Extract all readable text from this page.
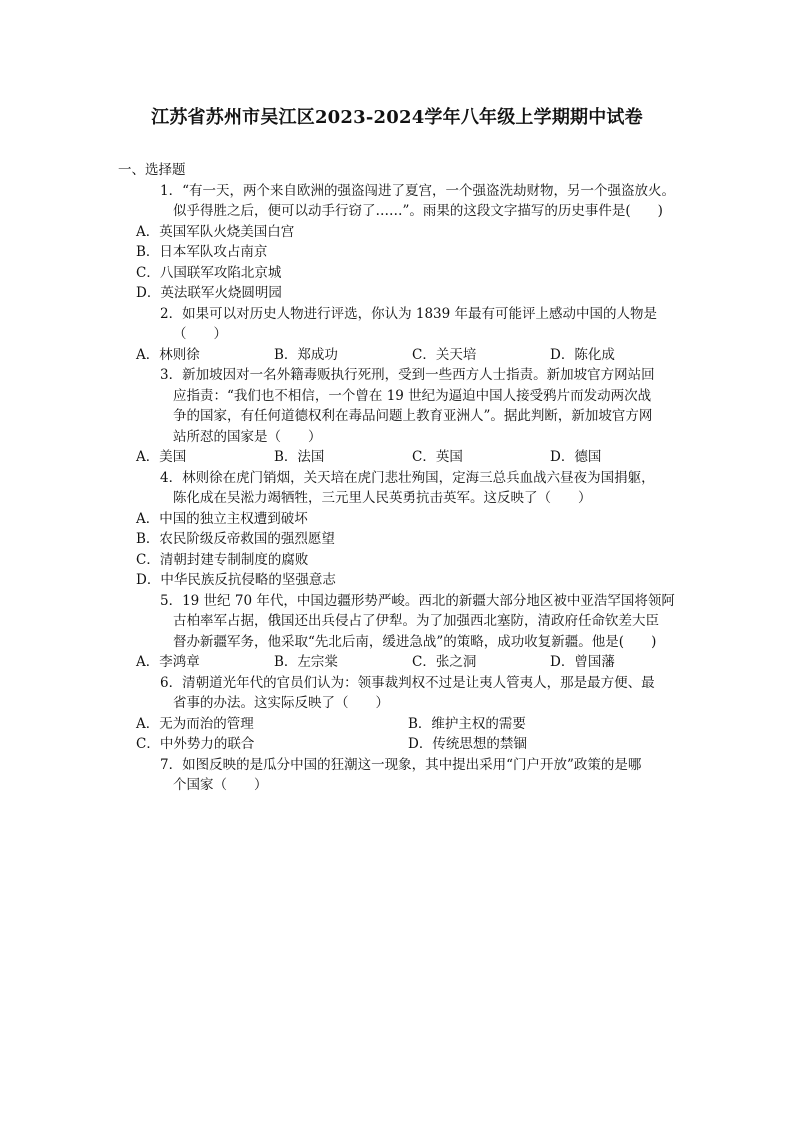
江苏省苏州市吴江区2023-2024学年八年级上学期期中试卷
一、选择题
1．“有一天，两个来自欧洲的强盗闯进了夏宫，一个强盗洗劫财物，另一个强盗放火。
似乎得胜之后，便可以动手行窃了……”。雨果的这段文字描写的历史事件是(　　)
A．英国军队火烧美国白宫
B．日本军队攻占南京
C．八国联军攻陷北京城
D．英法联军火烧圆明园
2．如果可以对历史人物进行评选，你认为 1839 年最有可能评上感动中国的人物是
（　　）
A．林则徐	B．郑成功	C．关天培	D．陈化成
3．新加坡因对一名外籍毒贩执行死刑，受到一些西方人士指责。新加坡官方网站回
应指责：“我们也不相信，一个曾在 19 世纪为逼迫中国人接受鸦片而发动两次战
争的国家，有任何道德权利在毒品问题上教育亚洲人”。据此判断，新加坡官方网
站所怼的国家是（　　）
A．美国	B．法国	C．英国	D．德国
4．林则徐在虎门销烟，关天培在虎门悲壮殉国，定海三总兵血战六昼夜为国捐躯，
陈化成在吴淞力竭牺牲，三元里人民英勇抗击英军。这反映了（　　）
A．中国的独立主权遭到破坏
B．农民阶级反帝救国的强烈愿望
C．清朝封建专制制度的腐败
D．中华民族反抗侵略的坚强意志
5．19 世纪 70 年代，中国边疆形势严峻。西北的新疆大部分地区被中亚浩罕国将领阿
古柏率军占据，俄国还出兵侵占了伊犁。为了加强西北塞防，清政府任命钦差大臣
督办新疆军务，他采取“先北后南，缓进急战”的策略，成功收复新疆。他是(　　)
A．李鸿章	B．左宗棠	C．张之洞	D．曾国藩
6．清朝道光年代的官员们认为：领事裁判权不过是让夷人管夷人，那是最方便、最
省事的办法。这实际反映了（　　）
A．无为而治的管理	B．维护主权的需要
C．中外势力的联合	D．传统思想的禁锢
7．如图反映的是瓜分中国的狂潮这一现象，其中提出采用“门户开放”政策的是哪
个国家（　　）
